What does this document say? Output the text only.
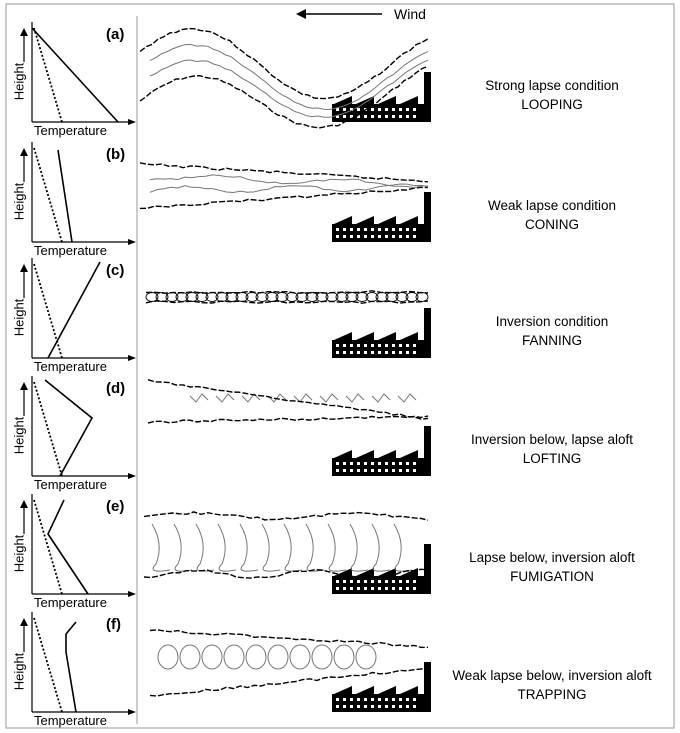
Wind
(a)
Height
Temperature
Strong lapse condition
LOOPING
(b)
Height
Temperature
Weak lapse condition
CONING
(c)
Height
Temperature
Inversion condition
FANNING
(d)
Height
Temperature
Inversion below, lapse aloft
LOFTING
(e)
Height
Temperature
Lapse below, inversion aloft
FUMIGATION
(f)
Height
Temperature
Weak lapse below, inversion aloft
TRAPPING
